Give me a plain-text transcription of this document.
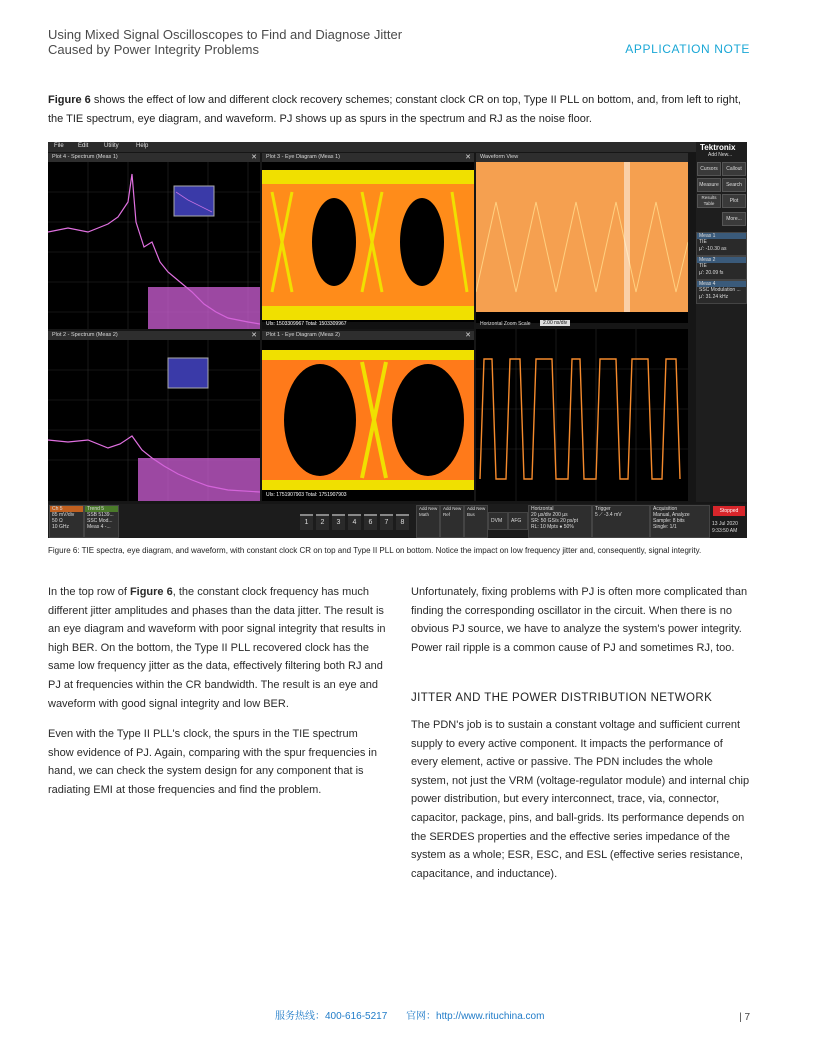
Using Mixed Signal Oscilloscopes to Find and Diagnose Jitter
Caused by Power Integrity Problems	APPLICATION NOTE
Figure 6 shows the effect of low and different clock recovery schemes; constant clock CR on top, Type II PLL on bottom, and, from left to right, the TIE spectrum, eye diagram, and waveform. PJ shows up as spurs in the spectrum and RJ as the noise floor.
File Edit	Utility	Help
Plot 4 - Spectrum (Meas 1)	✕	Plot 3 - Eye Diagram (Meas 1)	✕
UIs: 1503309967 Total: 1503309967
Waveform View
Horizontal Zoom Scale	2.00 ns/div
Plot 2 - Spectrum (Meas 2)	✕	Plot 1 - Eye Diagram (Meas 2)	✕
UIs: 1751907903 Total: 1751907903
Tektronix
Add New...
Cursors	Callout
Measure	Search
Results Table	Plot
More...
Meas 1
TIE
µ': -10.30 as
Meas 2
TIE
µ': 20.09 fs
Meas 4
SSC Modulation ...
µ': 31.24 kHz
Ch 5
85 mV/div
50 Ω
10 GHz
Trend 5
SSB 5139...
SSC Mod...
Meas 4 -...
Add New Math
Add New Ref
Add New Bus
DVM	AFG
Horizontal
20 µs/div 200 µs
SR: 50 GS/s 20 ps/pt
RL: 10 Mpts ● 50%
Trigger
5 ⟋ -3.4 mV
Acquisition
Manual, Analyze
Sample: 8 bits
Single: 1/1
Stopped
13 Jul 2020
9:33:50 AM
1	2	3	4	6	7	8
Figure 6: TIE spectra, eye diagram, and waveform, with constant clock CR on top and Type II PLL on bottom. Notice the impact on low frequency jitter and, consequently, signal integrity.

In the top row of Figure 6, the constant clock frequency has much different jitter amplitudes and phases than the data jitter. The result is an eye diagram and waveform with poor signal integrity that results in high BER. On the bottom, the Type II PLL recovered clock has the same low frequency jitter as the data, effectively filtering both RJ and PJ at frequencies within the CR bandwidth. The result is an eye and waveform with good signal integrity and low BER.

Even with the Type II PLL's clock, the spurs in the TIE spectrum show evidence of PJ. Again, comparing with the spur frequencies in hand, we can check the system design for any component that is radiating EMI at those frequencies and find the problem.

Unfortunately, fixing problems with PJ is often more complicated than finding the corresponding oscillator in the circuit. When there is no obvious PJ source, we have to analyze the system's power integrity. Power rail ripple is a common cause of PJ and sometimes RJ, too.

JITTER AND THE POWER DISTRIBUTION NETWORK

The PDN's job is to sustain a constant voltage and sufficient current supply to every active component. It impacts the performance of every element, active or passive. The PDN includes the whole system, not just the VRM (voltage-regulator module) and internal chip power distribution, but every interconnect, trace, via, connector, capacitor, package, pins, and ball-grids. Its performance depends on the SERDES properties and the effective series impedance of the system as a whole; ESR, ESC, and ESL (effective series resistance, capacitance, and inductance).

服务热线：400-616-5217 官网：http://www.rituchina.com	| 7
